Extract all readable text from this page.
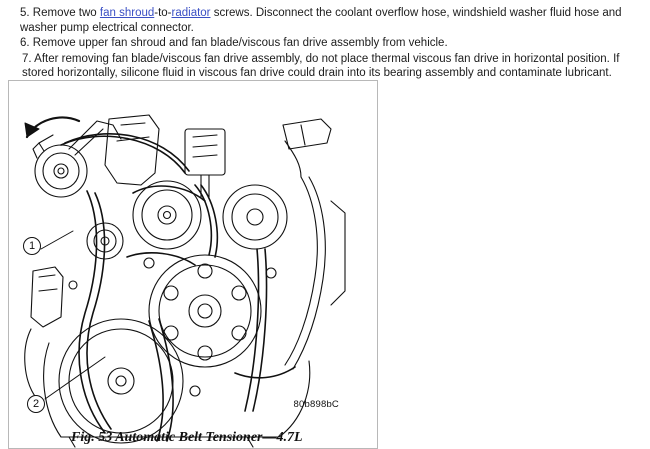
5. Remove two fan shroud-to-radiator screws. Disconnect the coolant overflow hose, windshield washer fluid hose and washer pump electrical connector.

6. Remove upper fan shroud and fan blade/viscous fan drive assembly from vehicle.

7. After removing fan blade/viscous fan drive assembly, do not place thermal viscous fan drive in horizontal position. If stored horizontally, silicone fluid in viscous fan drive could drain into its bearing assembly and contaminate lubricant.

1
2	80b898bC
Fig. 53 Automatic Belt Tensioner—4.7L
